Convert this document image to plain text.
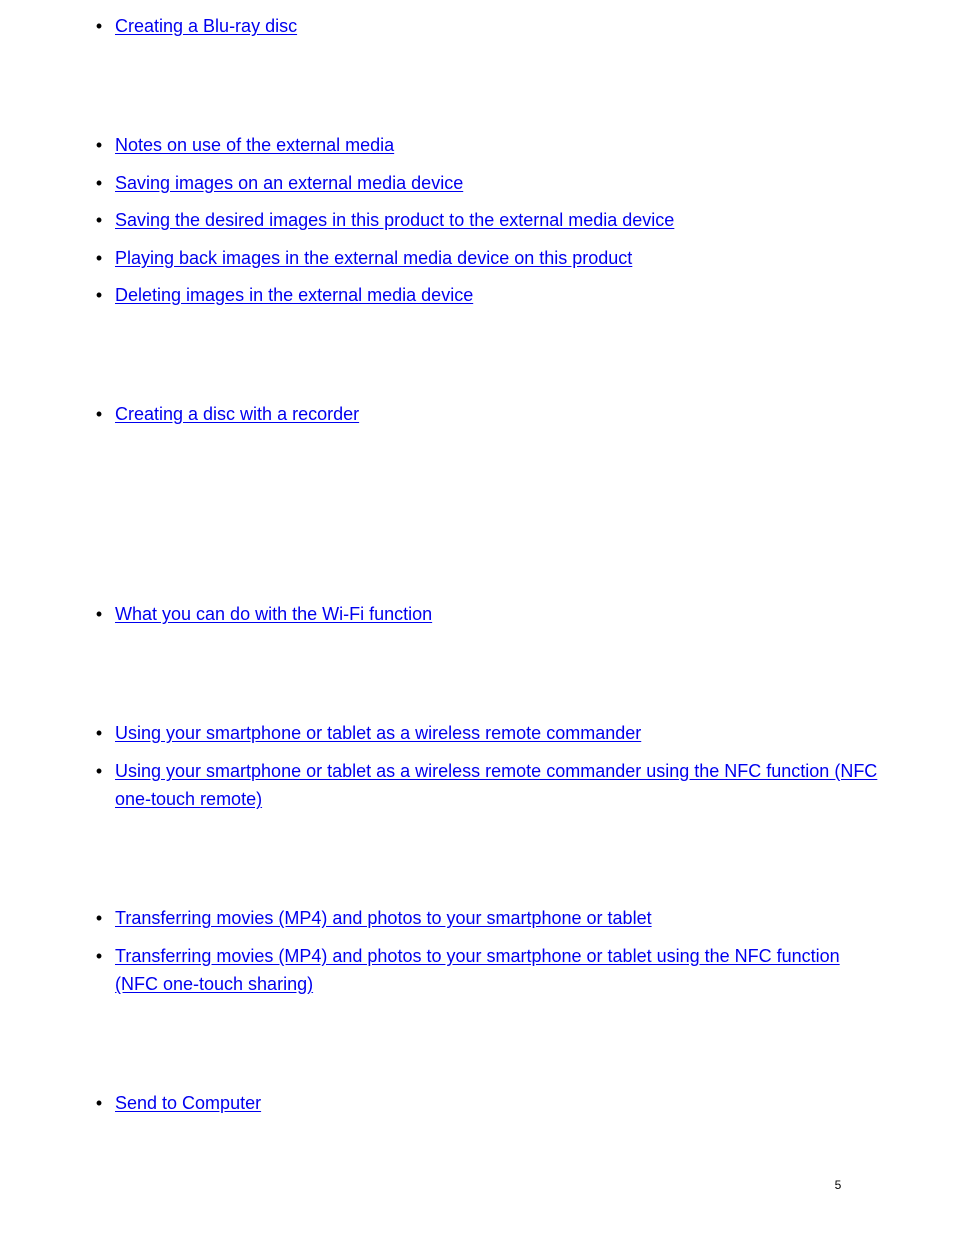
• Creating a Blu-ray disc
• Notes on use of the external media
• Saving images on an external media device
• Saving the desired images in this product to the external media device
• Playing back images in the external media device on this product
• Deleting images in the external media device
• Creating a disc with a recorder
• What you can do with the Wi-Fi function
• Using your smartphone or tablet as a wireless remote commander
• Using your smartphone or tablet as a wireless remote commander using the NFC function (NFC one-touch remote)
• Transferring movies (MP4) and photos to your smartphone or tablet
• Transferring movies (MP4) and photos to your smartphone or tablet using the NFC function (NFC one-touch sharing)
• Send to Computer
5
